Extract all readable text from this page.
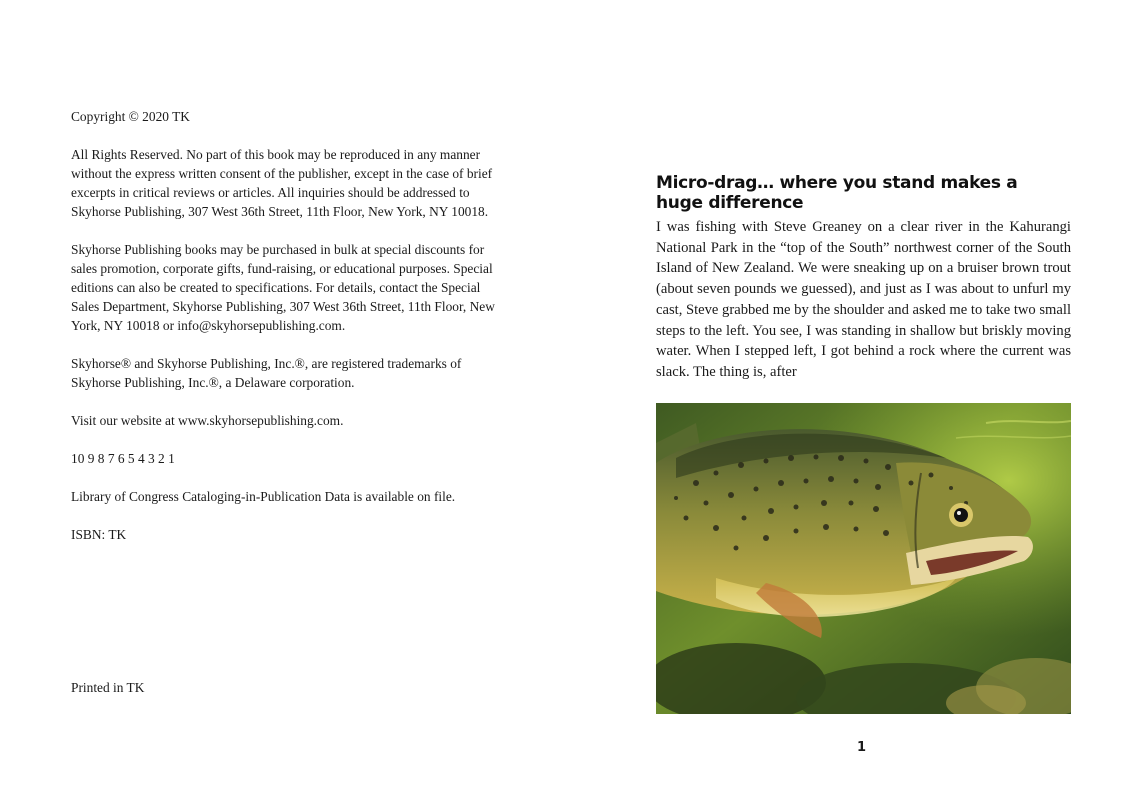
Copyright © 2020 TK

All Rights Reserved. No part of this book may be reproduced in any manner without the express written consent of the publisher, except in the case of brief excerpts in critical reviews or articles. All inquiries should be addressed to Skyhorse Publishing, 307 West 36th Street, 11th Floor, New York, NY 10018.

Skyhorse Publishing books may be purchased in bulk at special discounts for sales promotion, corporate gifts, fund-raising, or educational purposes. Special editions can also be created to specifications. For details, contact the Special Sales Department, Skyhorse Publishing, 307 West 36th Street, 11th Floor, New York, NY 10018 or info@skyhorsepublishing.com.

Skyhorse® and Skyhorse Publishing, Inc.®, are registered trademarks of Skyhorse Publishing, Inc.®, a Delaware corporation.

Visit our website at www.skyhorsepublishing.com.

10 9 8 7 6 5 4 3 2 1

Library of Congress Cataloging-in-Publication Data is available on file.

ISBN: TK

Printed in TK

Micro-drag… where you stand makes a huge difference

I was fishing with Steve Greaney on a clear river in the Kahurangi National Park in the “top of the South” northwest corner of the South Island of New Zealand. We were sneaking up on a bruiser brown trout (about seven pounds we guessed), and just as I was about to unfurl my cast, Steve grabbed me by the shoulder and asked me to take two small steps to the left. You see, I was standing in shallow but briskly moving water. When I stepped left, I got behind a rock where the current was slack. The thing is, after

1
